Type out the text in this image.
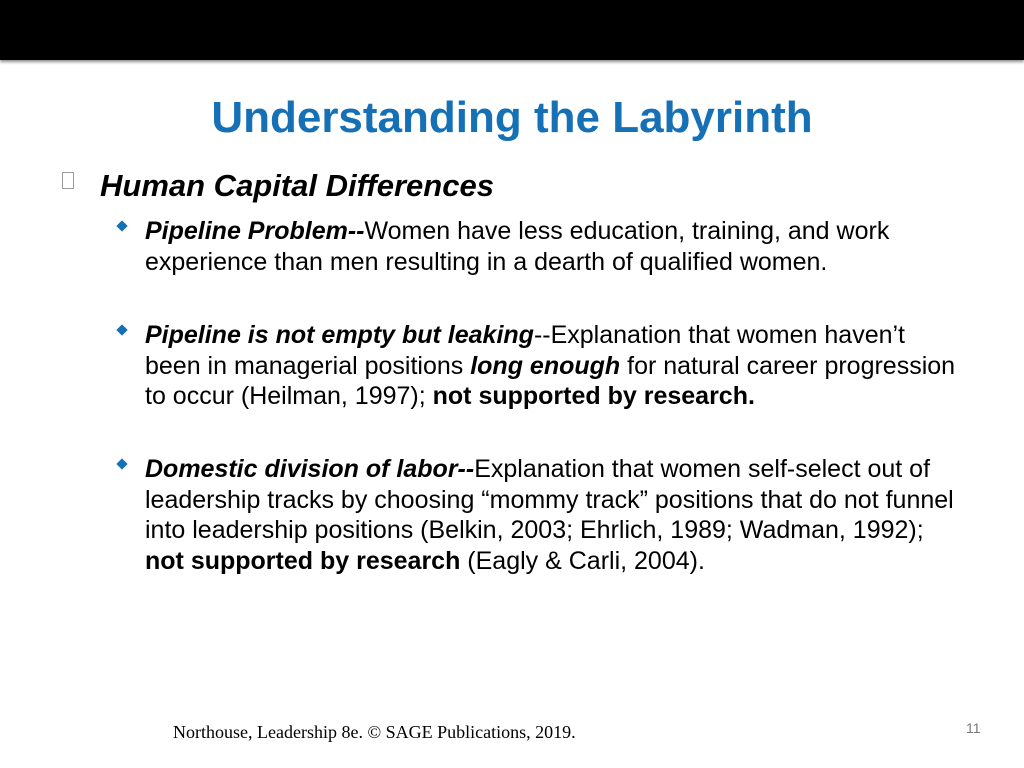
Understanding the Labyrinth
Human Capital Differences
Pipeline Problem--Women have less education, training, and work experience than men resulting in a dearth of qualified women.
Pipeline is not empty but leaking--Explanation that women haven’t been in managerial positions long enough for natural career progression to occur (Heilman, 1997); not supported by research.
Domestic division of labor--Explanation that women self-select out of leadership tracks by choosing “mommy track” positions that do not funnel into leadership positions (Belkin, 2003; Ehrlich, 1989; Wadman, 1992); not supported by research (Eagly & Carli, 2004).
Northouse, Leadership 8e. © SAGE Publications, 2019.	11
